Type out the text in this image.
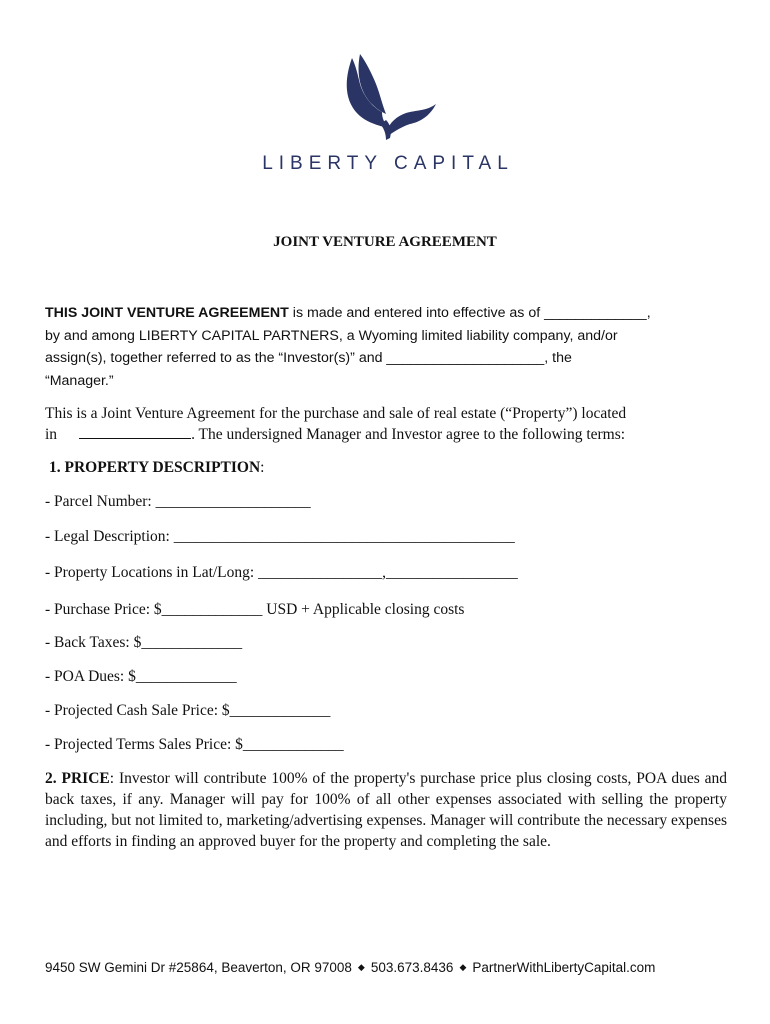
LIBERTY CAPITAL
JOINT VENTURE AGREEMENT
THIS JOINT VENTURE AGREEMENT is made and entered into effective as of _____________,
by and among LIBERTY CAPITAL PARTNERS, a Wyoming limited liability company, and/or
assign(s), together referred to as the “Investor(s)” and ____________________, the
“Manager.”
This is a Joint Venture Agreement for the purchase and sale of real estate (“Property”) located
in	. The undersigned Manager and Investor agree to the following terms:
1. PROPERTY DESCRIPTION:
- Parcel Number: ____________________
- Legal Description: ____________________________________________
- Property Locations in Lat/Long: ________________,_________________
- Purchase Price: $_____________ USD + Applicable closing costs
- Back Taxes: $_____________
- POA Dues: $_____________
- Projected Cash Sale Price: $_____________
- Projected Terms Sales Price: $_____________
2. PRICE: Investor will contribute 100% of the property's purchase price plus closing costs, POA dues and back taxes, if any. Manager will pay for 100% of all other expenses associated with selling the property including, but not limited to, marketing/advertising expenses. Manager will contribute the necessary expenses and efforts in finding an approved buyer for the property and completing the sale.
9450 SW Gemini Dr #25864, Beaverton, OR 97008 ◆ 503.673.8436 ◆ PartnerWithLibertyCapital.com
